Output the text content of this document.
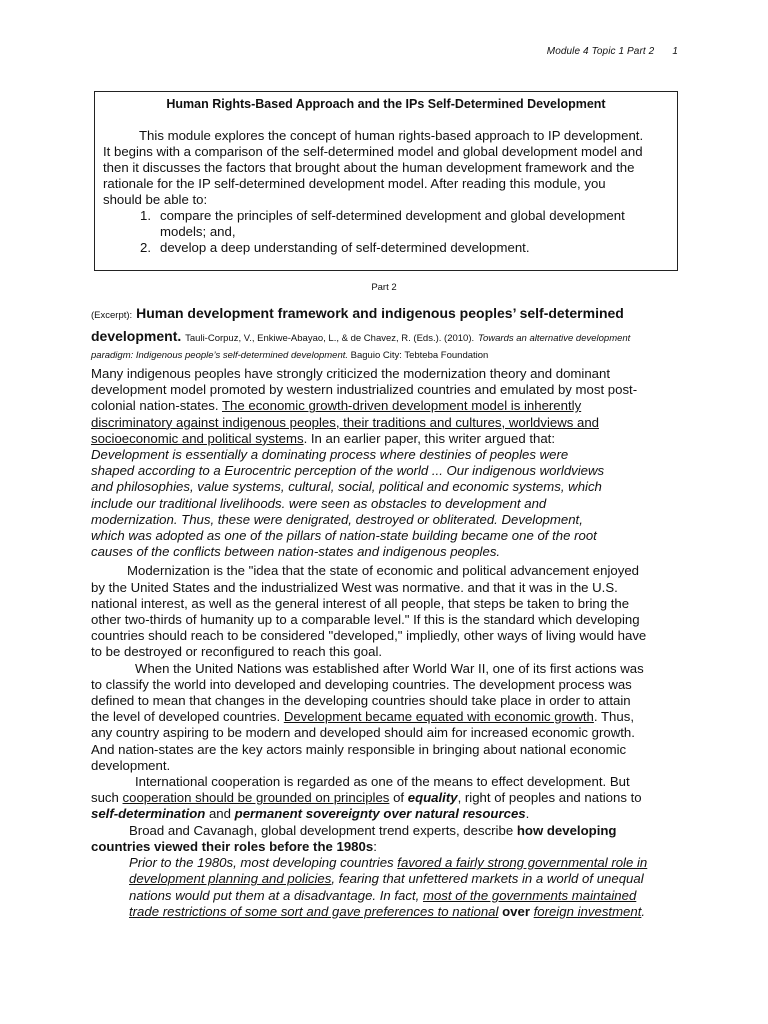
Module 4 Topic 1 Part 2 1
Human Rights-Based Approach and the IPs Self-Determined Development
This module explores the concept of human rights-based approach to IP development.
It begins with a comparison of the self-determined model and global development model and
then it discusses the factors that brought about the human development framework and the
rationale for the IP self-determined development model. After reading this module, you
should be able to:
1. compare the principles of self-determined development and global development
models; and,
2. develop a deep understanding of self-determined development.
Part 2
(Excerpt): Human development framework and indigenous peoples’ self-determined
development. Tauli-Corpuz, V., Enkiwe-Abayao, L., & de Chavez, R. (Eds.). (2010). Towards an alternative development
paradigm: Indigenous people’s self-determined development. Baguio City: Tebtebа Foundation

Many indigenous peoples have strongly criticized the modernization theory and dominant
development model promoted by western industrialized countries and emulated by most post-
colonial nation-states. The economic growth-driven development model is inherently
discriminatory against indigenous peoples, their traditions and cultures, worldviews and
socioeconomic and political systems. In an earlier paper, this writer argued that:

Development is essentially a dominating process where destinies of peoples were
shaped according to a Eurocentric perception of the world ... Our indigenous worldviews
and philosophies, value systems, cultural, social, political and economic systems, which
include our traditional livelihoods. were seen as obstacles to development and
modernization. Thus, these were denigrated, destroyed or obliterated. Development,
which was adopted as one of the pillars of nation-state building became one of the root
causes of the conflicts between nation-states and indigenous peoples.

Modernization is the "idea that the state of economic and political advancement enjoyed
by the United States and the industrialized West was normative. and that it was in the U.S.
national interest, as well as the general interest of all people, that steps be taken to bring the
other two-thirds of humanity up to a comparable level." If this is the standard which developing
countries should reach to be considered "developed," impliedly, other ways of living would have
to be destroyed or reconfigured to reach this goal.

When the United Nations was established after World War II, one of its first actions was
to classify the world into developed and developing countries. The development process was
defined to mean that changes in the developing countries should take place in order to attain
the level of developed countries. Development became equated with economic growth. Thus,
any country aspiring to be modern and developed should aim for increased economic growth.
And nation-states are the key actors mainly responsible in bringing about national economic
development.

International cooperation is regarded as one of the means to effect development. But
such cooperation should be grounded on principles of equality, right of peoples and nations to
self-determination and permanent sovereignty over natural resources.

Broad and Cavanagh, global development trend experts, describe how developing
countries viewed their roles before the 1980s:

Prior to the 1980s, most developing countries favored a fairly strong governmental role in
development planning and policies, fearing that unfettered markets in a world of unequal
nations would put them at a disadvantage. In fact, most of the governments maintained
trade restrictions of some sort and gave preferences to national over foreign investment.
